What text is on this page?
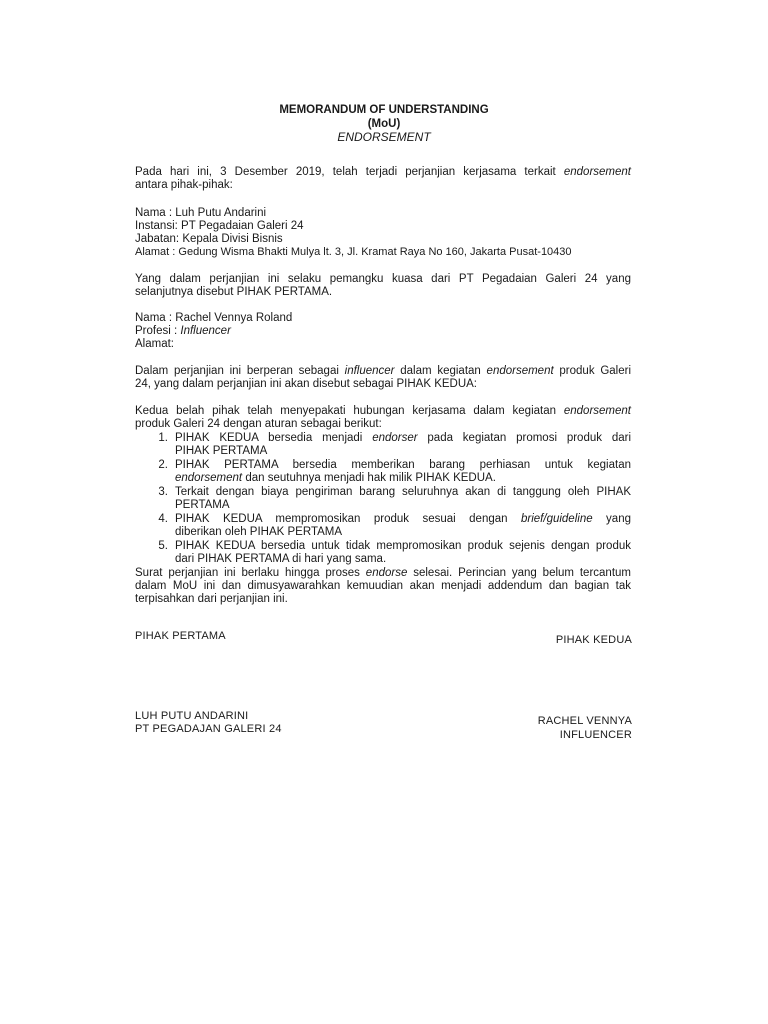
MEMORANDUM OF UNDERSTANDING
(MoU)
ENDORSEMENT
Pada hari ini, 3 Desember 2019, telah terjadi perjanjian kerjasama terkait endorsement
antara pihak-pihak:
Nama : Luh Putu Andarini
Instansi: PT Pegadaian Galeri 24
Jabatan: Kepala Divisi Bisnis
Alamat : Gedung Wisma Bhakti Mulya lt. 3, Jl. Kramat Raya No 160, Jakarta Pusat-10430
Yang dalam perjanjian ini selaku pemangku kuasa dari PT Pegadaian Galeri 24 yang
selanjutnya disebut PIHAK PERTAMA.
Nama : Rachel Vennya Roland
Profesi : Influencer
Alamat:
Dalam perjanjian ini berperan sebagai influencer dalam kegiatan endorsement produk Galeri
24, yang dalam perjanjian ini akan disebut sebagai PIHAK KEDUA:
Kedua belah pihak telah menyepakati hubungan kerjasama dalam kegiatan endorsement
produk Galeri 24 dengan aturan sebagai berikut:
1. PIHAK KEDUA bersedia menjadi endorser pada kegiatan promosi produk dari
PIHAK PERTAMA
2. PIHAK PERTAMA bersedia memberikan barang perhiasan untuk kegiatan
endorsement dan seutuhnya menjadi hak milik PIHAK KEDUA.
3. Terkait dengan biaya pengiriman barang seluruhnya akan di tanggung oleh PIHAK
PERTAMA
4. PIHAK KEDUA mempromosikan produk sesuai dengan brief/guideline yang
diberikan oleh PIHAK PERTAMA
5. PIHAK KEDUA bersedia untuk tidak mempromosikan produk sejenis dengan produk
dari PIHAK PERTAMA di hari yang sama.
Surat perjanjian ini berlaku hingga proses endorse selesai. Perincian yang belum tercantum
dalam MoU ini dan dimusyawarahkan kemuudian akan menjadi addendum dan bagian tak
terpisahkan dari perjanjian ini.
PIHAK PERTAMA	PIHAK KEDUA
LUH PUTU ANDARINI
PT PEGADAJAN GALERI 24
RACHEL VENNYA
INFLUENCER
